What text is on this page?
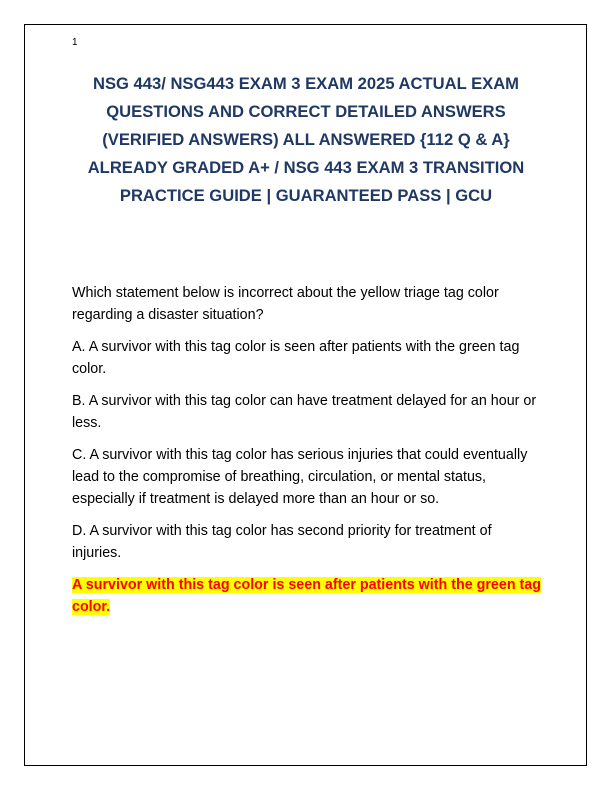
1
NSG 443/ NSG443 EXAM 3 EXAM 2025 ACTUAL EXAM QUESTIONS AND CORRECT DETAILED ANSWERS (VERIFIED ANSWERS) ALL ANSWERED {112 Q & A} ALREADY GRADED A+ / NSG 443 EXAM 3 TRANSITION PRACTICE GUIDE | GUARANTEED PASS | GCU

Which statement below is incorrect about the yellow triage tag color regarding a disaster situation?

A. A survivor with this tag color is seen after patients with the green tag color.

B. A survivor with this tag color can have treatment delayed for an hour or less.

C. A survivor with this tag color has serious injuries that could eventually lead to the compromise of breathing, circulation, or mental status, especially if treatment is delayed more than an hour or so.

D. A survivor with this tag color has second priority for treatment of injuries.

A survivor with this tag color is seen after patients with the green tag color.
